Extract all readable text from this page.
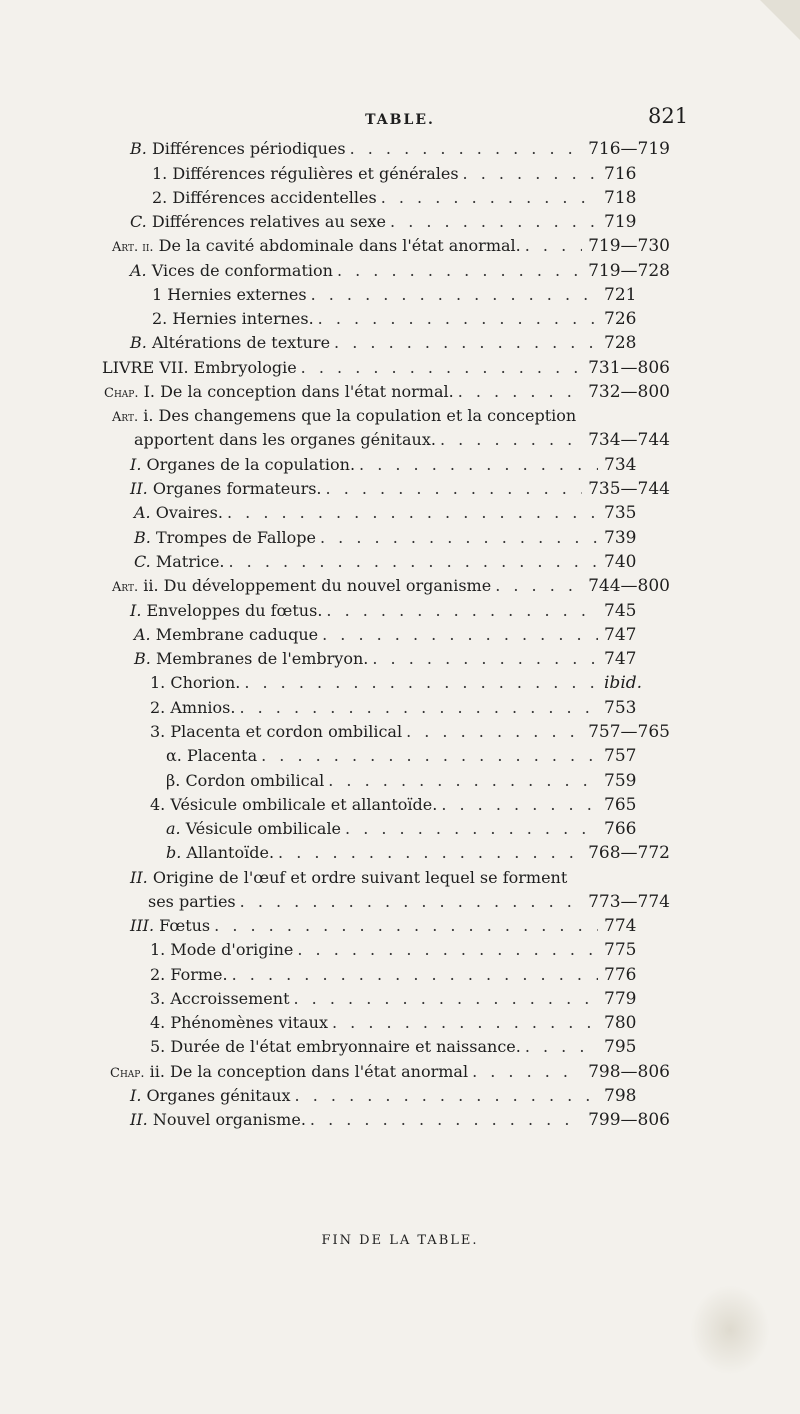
TABLE.	821
B. Différences périodiques . . .	716—719
1. Différences régulières et générales . . .	716
2. Différences accidentelles . . .	718
C. Différences relatives au sexe . . .	719
Art. ii. De la cavité abdominale dans l'état anormal. . . .	719—730
A. Vices de conformation . . .	719—728
1 Hernies externes . . .	721
2. Hernies internes. . . .	726
B. Altérations de texture . . .	728
LIVRE VII. Embryologie . . .	731—806
Chap. I. De la conception dans l'état normal. . . .	732—800
Art. i. Des changemens que la copulation et la conception
apportent dans les organes génitaux. . . .	734—744
I. Organes de la copulation. . . .	734
II. Organes formateurs. . . .	735—744
A. Ovaires. . . .	735
B. Trompes de Fallope . . .	739
C. Matrice. . . .	740
Art. ii. Du développement du nouvel organisme . . .	744—800
I. Enveloppes du fœtus. . . .	745
A. Membrane caduque . . .	747
B. Membranes de l'embryon. . . .	747
1. Chorion. . . .	ibid.
2. Amnios. . . .	753
3. Placenta et cordon ombilical . . .	757—765
α. Placenta . . .	757
β. Cordon ombilical . . .	759
4. Vésicule ombilicale et allantoïde. . . .	765
a. Vésicule ombilicale . . .	766
b. Allantoïde. . . .	768—772
II. Origine de l'œuf et ordre suivant lequel se forment
ses parties . . .	773—774
III. Fœtus . . .	774
1. Mode d'origine . . .	775
2. Forme. . . .	776
3. Accroissement . . .	779
4. Phénomènes vitaux . . .	780
5. Durée de l'état embryonnaire et naissance. . . .	795
Chap. ii. De la conception dans l'état anormal . . .	798—806
I. Organes génitaux . . .	798
II. Nouvel organisme. . . .	799—806
FIN DE LA TABLE.
